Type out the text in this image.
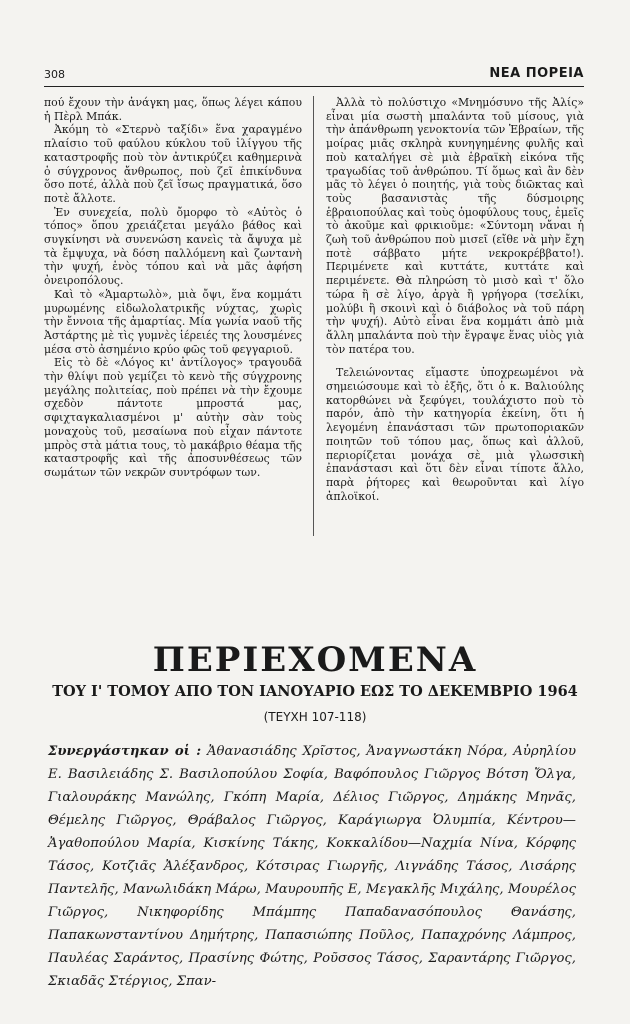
308	ΝΕΑ ΠΟΡΕΙΑ

πού ἔχουν τὴν ἀνάγκη μας, ὅπως λέγει κάπου ἡ Πὲρλ Μπάκ.

Ἀκόμη τὸ «Στερνὸ ταξίδι» ἕνα χαραγμένο πλαίσιο τοῦ φαύλου κύκλου τοῦ ἰλίγγου τῆς καταστροφῆς ποὺ τὸν ἀντικρύζει καθημερινὰ ὁ σύγχρονος ἄνθρωπος, ποὺ ζεῖ ἐπικίνδυνα ὅσο ποτέ, ἀλλὰ ποὺ ζεῖ ἴσως πραγματικά, ὅσο ποτὲ ἄλλοτε.

Ἐν συνεχεία, πολὺ ὄμορφο τὸ «Αὐτὸς ὁ τόπος» ὅπου χρειάζεται μεγάλο βάθος καὶ συγκίνησι νὰ συνενώση κανεὶς τὰ ἄψυχα μὲ τὰ ἔμψυχα, νὰ δόση παλλόμενη καὶ ζωντανὴ τὴν ψυχή, ἑνὸς τόπου καὶ νὰ μᾶς ἀφήση ὀνειροπόλους.

Καὶ τὸ «Ἁμαρτωλὸ», μιὰ ὄψι, ἕνα κομμάτι μυρωμένης εἰδωλολατρικῆς νύχτας, χωρὶς τὴν ἔννοια τῆς ἁμαρτίας. Μία γωνία ναοῦ τῆς Ἀστάρτης μὲ τὶς γυμνὲς ἱέρειές της λουσμένες μέσα στὸ ἀσημένιο κρύο φῶς τοῦ φεγγαριοῦ.

Εἰς τὸ δὲ «Λόγος κι' ἀντίλογος» τραγουδᾶ τὴν θλίψι ποὺ γεμίζει τὸ κενὸ τῆς σύγχρονης μεγάλης πολιτείας, ποὺ πρέπει νὰ τὴν ἔχουμε σχεδὸν πάντοτε μπροστά μας, σφιχταγκαλιασμένοι μ' αὐτὴν σὰν τοὺς μοναχοὺς τοῦ, μεσαίωνα ποὺ εἶχαν πάντοτε μπρὸς στὰ μάτια τους, τὸ μακάβριο θέαμα τῆς καταστροφῆς καὶ τῆς ἀποσυνθέσεως τῶν σωμάτων τῶν νεκρῶν συντρόφων των.

Ἀλλὰ τὸ πολύστιχο «Μνημόσυνο τῆς Ἀλίς» εἶναι μία σωστὴ μπαλάντα τοῦ μίσους, γιὰ τὴν ἀπάνθρωπη γενοκτονία τῶν Ἑβραίων, τῆς μοίρας μιᾶς σκληρὰ κυνηγημένης φυλῆς καὶ ποὺ καταλήγει σὲ μιὰ ἑβραϊκὴ εἰκόνα τῆς τραγωδίας τοῦ ἀνθρώπου. Τί ὅμως καὶ ἂν δὲν μᾶς τὸ λέγει ὁ ποιητής, γιὰ τοὺς διῶκτας καὶ τοὺς βασανιστὰς τῆς δύσμοιρης ἑβραιοπούλας καὶ τοὺς ὁμοφύλους τους, ἐμεῖς τὸ ἀκοῦμε καὶ φρικιοῦμε: «Σύντομη νἄναι ἡ ζωὴ τοῦ ἀνθρώπου ποὺ μισεῖ (εἴθε νὰ μὴν ἔχη ποτὲ σάββατο μήτε νεκροκρέββατο!). Περιμένετε καὶ κυττάτε, κυττάτε καὶ περιμένετε. Θὰ πληρώση τὸ μισὸ καὶ τ' ὅλο τώρα ἢ σὲ λίγο, ἀργὰ ἢ γρήγορα (τσελίκι, μολύβι ἢ σκοινὶ καὶ ὁ διάβολος νὰ τοῦ πάρη τὴν ψυχή). Αὐτὸ εἶναι ἕνα κομμάτι ἀπὸ μιὰ ἄλλη μπαλάντα ποὺ τὴν ἔγραψε ἕνας υἱὸς γιὰ τὸν πατέρα του.

Τελειώνοντας εἴμαστε ὑποχρεωμένοι νὰ σημειώσουμε καὶ τὸ ἑξῆς, ὅτι ὁ κ. Βαλιούλης κατορθώνει νὰ ξεφύγει, τουλάχιστο ποὺ τὸ παρόν, ἀπὸ τὴν κατηγορία ἐκείνη, ὅτι ἡ λεγομένη ἐπανάστασι τῶν πρωτοποριακῶν ποιητῶν τοῦ τόπου μας, ὅπως καὶ ἀλλοῦ, περιορίζεται μονάχα σὲ μιὰ γλωσσικὴ ἐπανάστασι καὶ ὅτι δὲν εἶναι τίποτε ἄλλο, παρὰ ῥήτορες καὶ θεωροῦνται καὶ λίγο ἀπλοϊκοί.

ΠΕΡΙΕΧΟΜΕΝΑ
ΤΟΥ Ι' ΤΟΜΟΥ ΑΠΟ ΤΟΝ ΙΑΝΟΥΑΡΙΟ ΕΩΣ ΤΟ ΔΕΚΕΜΒΡΙΟ 1964
(ΤΕΥΧΗ 107-118)
Συνεργάστηκαν οἱ : Ἀθανασιάδης Χρῖστος, Ἀναγνωστάκη Νόρα, Αὐρηλίου Ε. Βασιλειάδης Σ. Βασιλοπούλου Σοφία, Βαφόπουλος Γιῶργος Βότση Ὄλγα, Γιαλουράκης Μανώλης, Γκόπη Μαρία, Δέλιος Γιῶργος, Δημάκης Μηνᾶς, Θέμελης Γιῶργος, Θράβαλος Γιῶργος, Καράγιωργα Ὀλυμπία, Κέντρου—Ἀγαθοπούλου Μαρία, Κισκίνης Τάκης, Κοκκαλίδου—Ναχμία Νίνα, Κόρφης Τάσος, Κοτζιᾶς Ἀλέξανδρος, Κότσιρας Γιωργῆς, Λιγνάδης Τάσος, Λισάρης Παντελῆς, Μανωλιδάκη Μάρω, Μαυρουπῆς Ε, Μεγακλῆς Μιχάλης, Μουρέλος Γιῶργος, Νικηφορίδης Μπάμπης Παπαδανασόπουλος Θανάσης, Παπακωνσταντίνου Δημήτρης, Παπασιώπης Ποῦλος, Παπαχρόνης Λάμπρος, Παυλέας Σαράντος, Πρασίνης Φώτης, Ροῦσσος Τάσος, Σαραντάρης Γιῶργος, Σκιαδᾶς Στέργιος, Σπαν-
